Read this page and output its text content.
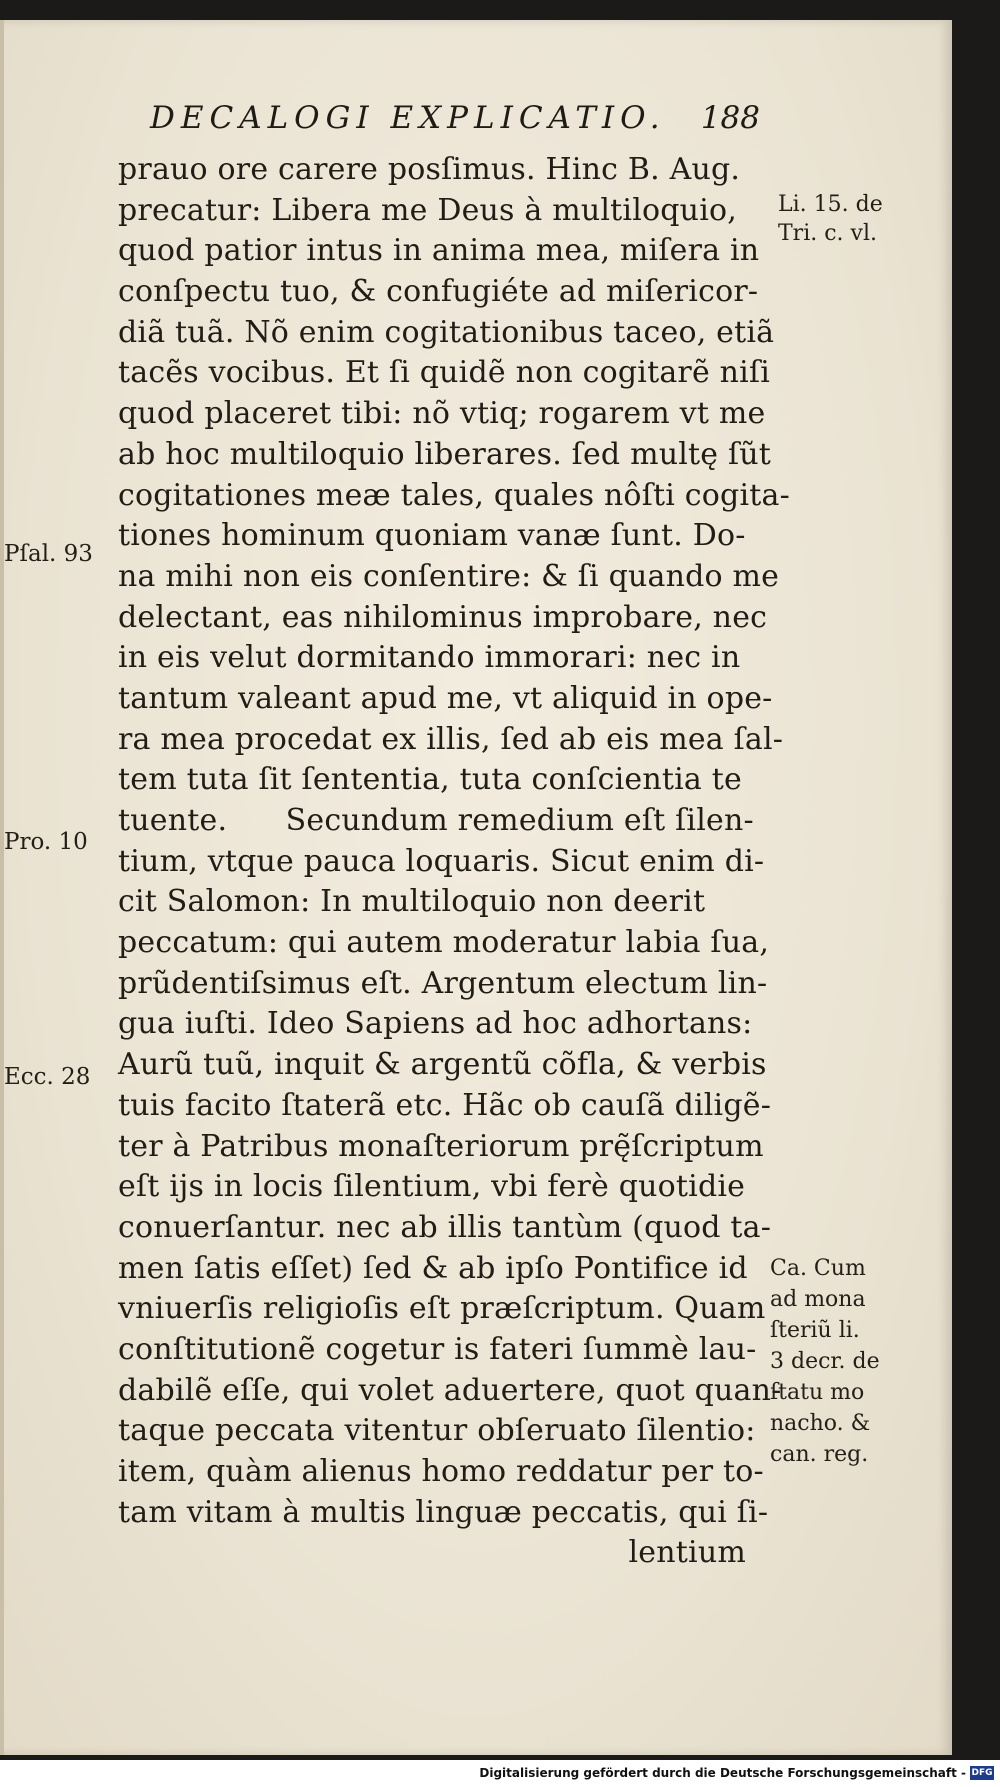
DECALOGI EXPLICATIO. 188
prauo ore carere posſimus. Hinc B. Aug.
precatur: Libera me Deus à multiloquio,
quod patior intus in anima mea, miſera in
conſpectu tuo, & confugiéte ad miſericor-
diã tuã. Nõ enim cogitationibus taceo, etiã
tacẽs vocibus. Et ſi quidẽ non cogitarẽ niſi
quod placeret tibi: nõ vtiq; rogarem vt me
ab hoc multiloquio liberares. ſed multę ſũt
cogitationes meæ tales, quales nôſti cogita-
tiones hominum quoniam vanæ ſunt. Do-
na mihi non eis conſentire: & ſi quando me
delectant, eas nihilominus improbare, nec
in eis velut dormitando immorari: nec in
tantum valeant apud me, vt aliquid in ope-
ra mea procedat ex illis, ſed ab eis mea ſal-
tem tuta ſit ſententia, tuta conſcientia te
tuente.      Secundum remedium eſt ſilen-
tium, vtque pauca loquaris. Sicut enim di-
cit Salomon: In multiloquio non deerit
peccatum: qui autem moderatur labia ſua,
prũdentiſsimus eſt. Argentum electum lin-
gua iuſti. Ideo Sapiens ad hoc adhortans:
Aurũ tuũ, inquit & argentũ cõfla, & verbis
tuis facito ſtaterã etc. Hãc ob cauſã diligẽ-
ter à Patribus monaſteriorum prę̃ſcriptum
eſt ijs in locis ſilentium, vbi ferè quotidie
conuerſantur. nec ab illis tantùm (quod ta-
men ſatis eſſet) ſed & ab ipſo Pontifice id
vniuerſis religioſis eſt præſcriptum. Quam
conſtitutionẽ cogetur is fateri ſummè lau-
dabilẽ eſſe, qui volet aduertere, quot quan-
taque peccata vitentur obſeruato ſilentio:
item, quàm alienus homo reddatur per to-
tam vitam à multis linguæ peccatis, qui ſi-
lentium
Li. 15. de
Tri. c. vl.
Pſal. 93
Pro. 10
Ecc. 28
Ca. Cum
ad mona
ſteriũ li.
3 decr. de
ſtatu mo
nacho. &
can. reg.
Digitalisierung gefördert durch die Deutsche Forschungsgemeinschaft - DFG
